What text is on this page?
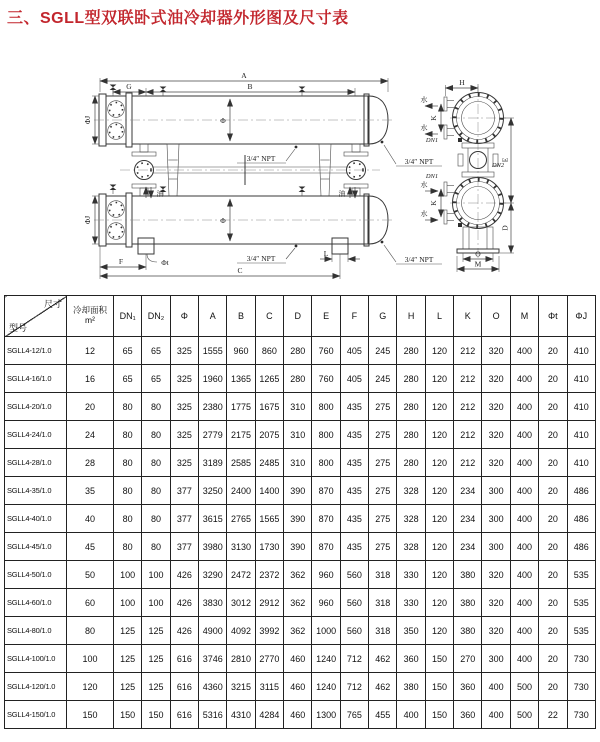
三、SGLL型双联卧式油冷却器外形图及尺寸表
A
G	B
Φ
ΦJ
3/4″ NPT	3/4″ NPT
油	油
Φ
ΦJ
3/4″ NPT	3/4″ NPT
L
F	Φt
C
DN2
H
水
水
K
DN1
DN1
水
水
K
E
D
O
M
尺寸
型号	冷却面积
m²	DN₁	DN₂	Φ	A	B	C	D	E	F	G	H	L	K	O	M	Φt	ΦJ
SGLL4-12/1.0	12	65	65	325	1555	960	860	280	760	405	245	280	120	212	320	400	20	410
SGLL4-16/1.0	16	65	65	325	1960	1365	1265	280	760	405	245	280	120	212	320	400	20	410
SGLL4-20/1.0	20	80	80	325	2380	1775	1675	310	800	435	275	280	120	212	320	400	20	410
SGLL4-24/1.0	24	80	80	325	2779	2175	2075	310	800	435	275	280	120	212	320	400	20	410
SGLL4-28/1.0	28	80	80	325	3189	2585	2485	310	800	435	275	280	120	212	320	400	20	410
SGLL4-35/1.0	35	80	80	377	3250	2400	1400	390	870	435	275	328	120	234	300	400	20	486
SGLL4-40/1.0	40	80	80	377	3615	2765	1565	390	870	435	275	328	120	234	300	400	20	486
SGLL4-45/1.0	45	80	80	377	3980	3130	1730	390	870	435	275	328	120	234	300	400	20	486
SGLL4-50/1.0	50	100	100	426	3290	2472	2372	362	960	560	318	330	120	380	320	400	20	535
SGLL4-60/1.0	60	100	100	426	3830	3012	2912	362	960	560	318	330	120	380	320	400	20	535
SGLL4-80/1.0	80	125	125	426	4900	4092	3992	362	1000	560	318	350	120	380	320	400	20	535
SGLL4-100/1.0	100	125	125	616	3746	2810	2770	460	1240	712	462	360	150	270	300	400	20	730
SGLL4-120/1.0	120	125	125	616	4360	3215	3115	460	1240	712	462	380	150	360	400	500	20	730
SGLL4-150/1.0	150	150	150	616	5316	4310	4284	460	1300	765	455	400	150	360	400	500	22	730
